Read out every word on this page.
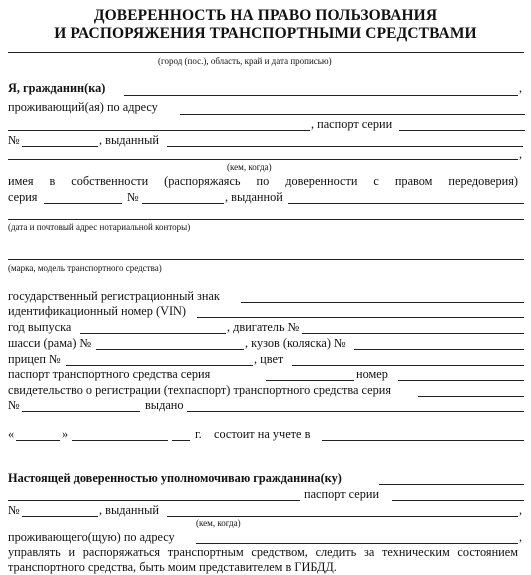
ДОВЕРЕННОСТЬ НА ПРАВО ПОЛЬЗОВАНИЯ
И РАСПОРЯЖЕНИЯ ТРАНСПОРТНЫМИ СРЕДСТВАМИ
(город (пос.), область, край и дата прописью)
Я, гражданин(ка)	,
проживающий(ая) по адресу
, паспорт серии
№	, выданный
,
(кем, когда)
имея в собственности (распоряжаясь по доверенности с правом передоверия)
серия	№	, выданной
(дата и почтовый адрес нотариальной конторы)
(марка, модель транспортного средства)
государственный регистрационный знак
идентификационный номер (VIN)
год выпуска	, двигатель №
шасси (рама) №	, кузов (коляска) №
прицеп №	, цвет
паспорт транспортного средства серия	номер
свидетельство о регистрации (техпаспорт) транспортного средства серия
№	выдано
«	»	г. состоит на учете в
Настоящей доверенностью уполномочиваю гражданина(ку)
паспорт серии
№	, выданный	,
(кем, когда)
проживающего(щую) по адресу	,
управлять и распоряжаться транспортным средством, следить за техническим состоянием
транспортного средства, быть моим представителем в ГИБДД.
